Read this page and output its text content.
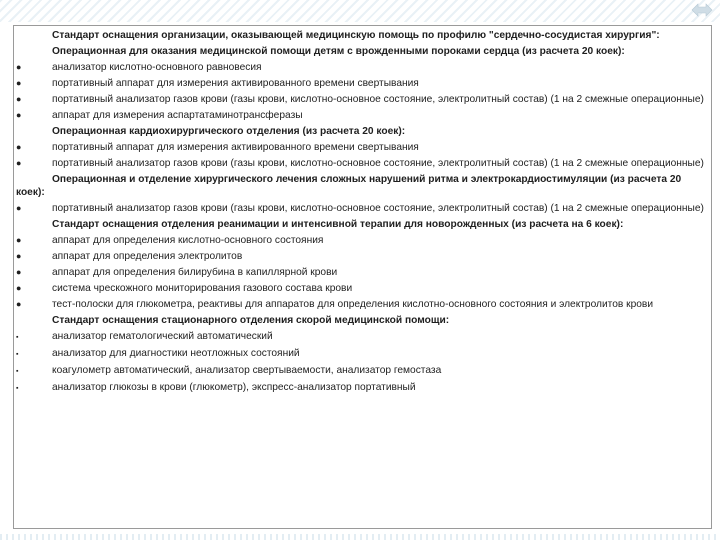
Стандарт оснащения организации, оказывающей медицинскую помощь по профилю "сердечно-сосудистая хирургия":
Операционная для оказания медицинской помощи детям с врожденными пороками сердца (из расчета 20 коек):
●	анализатор кислотно-основного равновесия
●	портативный аппарат для измерения активированного времени свертывания
●	портативный анализатор газов крови (газы крови, кислотно-основное состояние, электролитный состав) (1 на 2 смежные операционные)
●	аппарат для измерения аспартатаминотрансферазы
Операционная кардиохирургического отделения (из расчета 20 коек):
●	портативный аппарат для измерения активированного времени свертывания
●	портативный анализатор газов крови (газы крови, кислотно-основное состояние, электролитный состав) (1 на 2 смежные операционные)
Операционная и отделение хирургического лечения сложных нарушений ритма и электрокардиостимуляции (из расчета 20 коек):
●	портативный анализатор газов крови (газы крови, кислотно-основное состояние, электролитный состав) (1 на 2 смежные операционные)
Стандарт оснащения отделения реанимации и интенсивной терапии для новорожденных (из расчета на 6 коек):
●	аппарат для определения кислотно-основного состояния
●	аппарат для определения электролитов
●	аппарат для определения билирубина в капиллярной крови
●	система чрескожного мониторирования газового состава крови
●	тест-полоски для глюкометра, реактивы для аппаратов для определения кислотно-основного состояния и электролитов крови
Стандарт оснащения стационарного отделения скорой медицинской помощи:
▪	анализатор гематологический автоматический
▪	анализатор для диагностики неотложных состояний
▪	коагулометр автоматический, анализатор свертываемости, анализатор гемостаза
▪	анализатор глюкозы в крови (глюкометр), экспресс-анализатор портативный
